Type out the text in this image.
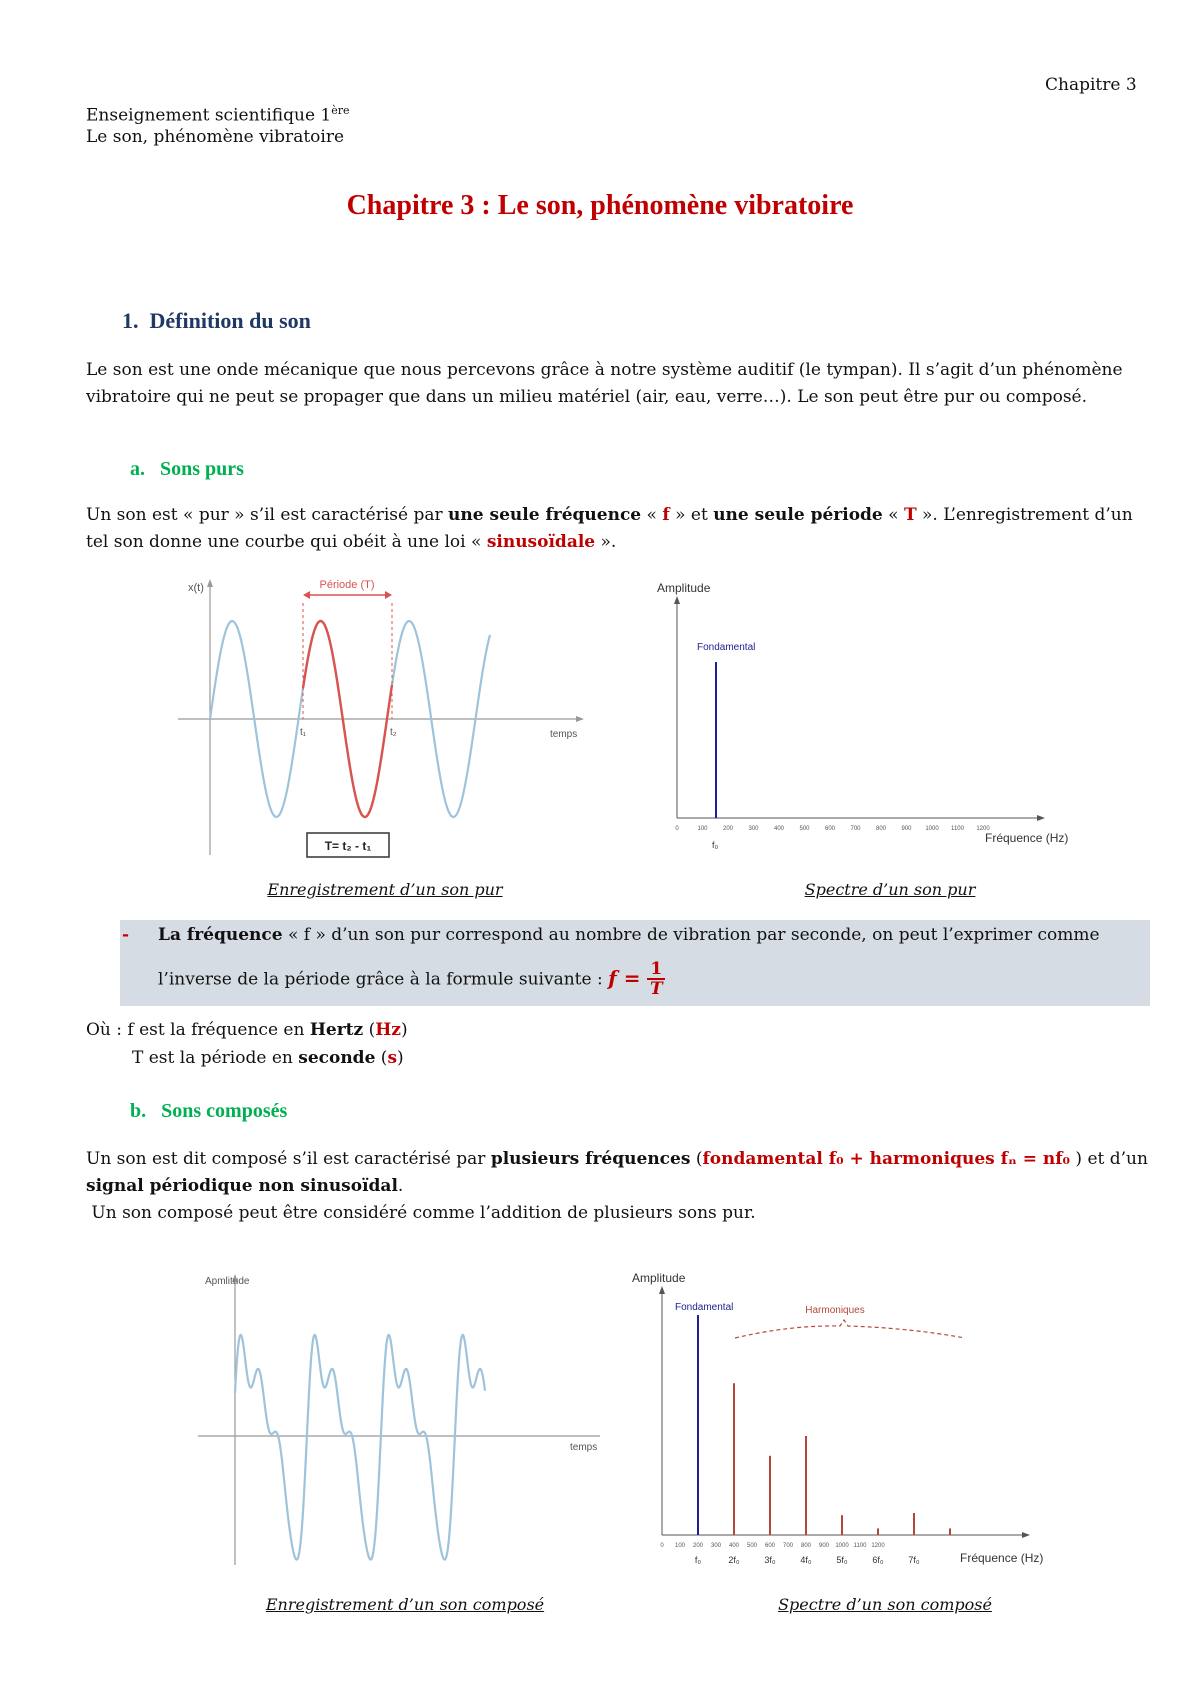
Chapitre 3
Enseignement scientifique 1ère
Le son, phénomène vibratoire
Chapitre 3 : Le son, phénomène vibratoire
1. Définition du son
Le son est une onde mécanique que nous percevons grâce à notre système auditif (le tympan). Il s’agit d’un phénomène vibratoire qui ne peut se propager que dans un milieu matériel (air, eau, verre…). Le son peut être pur ou composé.
a. Sons purs
Un son est « pur » s’il est caractérisé par une seule fréquence « f » et une seule période « T ». L’enregistrement d’un tel son donne une courbe qui obéit à une loi « sinusoïdale ».
x(t)
temps
Période (T)
t₁	t₂
T= t₂ - t₁
Enregistrement d’un son pur
Amplitude
Fréquence (Hz)
Fondamental
f₀
0	100	200	300	400	500	600	700	800	900 1000 1100 1200
Spectre d’un son pur
- La fréquence « f » d’un son pur correspond au nombre de vibration par seconde, on peut l’exprimer comme
l’inverse de la période grâce à la formule suivante : $f = \frac{1}{T}$
Où : f est la fréquence en Hertz (Hz)
T est la période en seconde (s)
b. Sons composés
Un son est dit composé s’il est caractérisé par plusieurs fréquences (fondamental f₀ + harmoniques fₙ = nf₀ ) et d’un
signal périodique non sinusoïdal.
Un son composé peut être considéré comme l’addition de plusieurs sons pur.
Apmlitude
temps
Enregistrement d’un son composé
Amplitude
Fréquence (Hz)
Fondamental	Harmoniques
0 100 200 300 400 500 600 700 800 900 1000 1100 1200
f₀	2f₀	3f₀	4f₀	5f₀	6f₀	7f₀
Spectre d’un son composé
